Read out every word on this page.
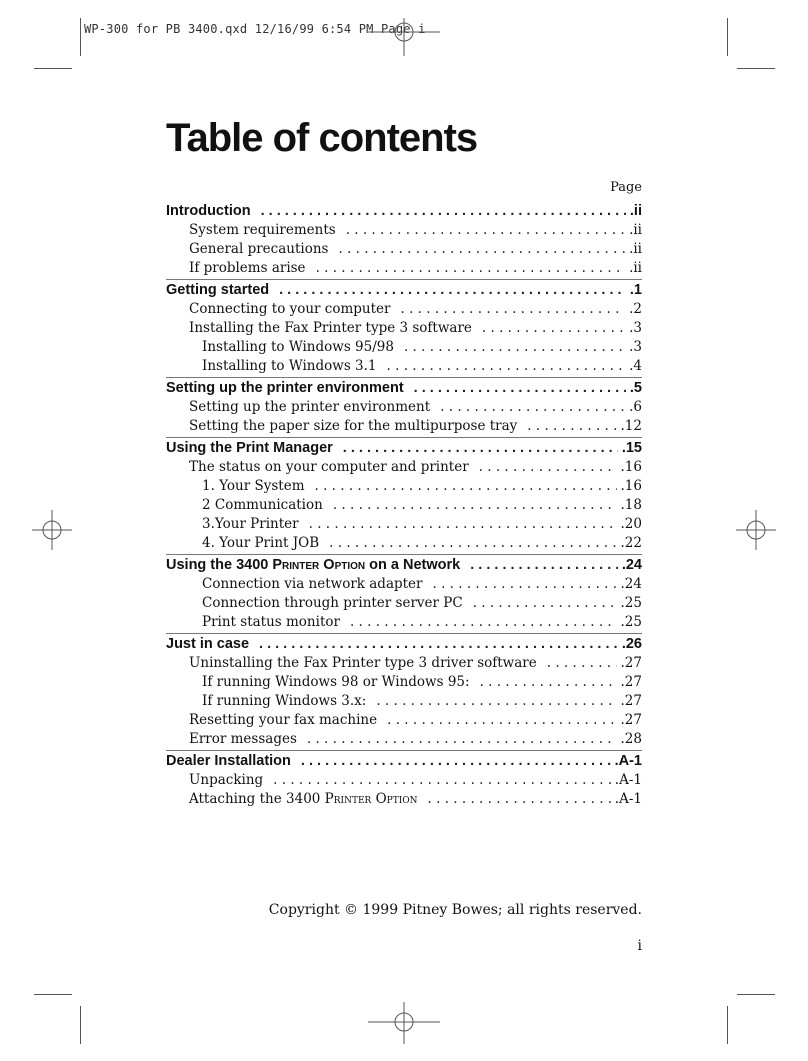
WP-300 for PB 3400.qxd 12/16/99 6:54 PM Page i
Table of contents
Page
Introduction . . .	.ii
System requirements . . .	.ii
General precautions . . .	.ii
If problems arise . . .	.ii
Getting started . . .	.1
Connecting to your computer . . .	.2
Installing the Fax Printer type 3 software . . .	.3
Installing to Windows 95/98 . . .	.3
Installing to Windows 3.1 . . .	.4
Setting up the printer environment . . .	.5
Setting up the printer environment . . .	.6
Setting the paper size for the multipurpose tray . . .	.12
Using the Print Manager . . .	.15
The status on your computer and printer . . .	.16
1. Your System . . .	.16
2 Communication . . .	.18
3.Your Printer . . .	.20
4. Your Print JOB . . .	.22
Using the 3400 Printer Option on a Network . . .	.24
Connection via network adapter . . .	.24
Connection through printer server PC . . .	.25
Print status monitor . . .	.25
Just in case . . .	.26
Uninstalling the Fax Printer type 3 driver software . . .	.27
If running Windows 98 or Windows 95: . . .	.27
If running Windows 3.x: . . .	.27
Resetting your fax machine . . .	.27
Error messages . . .	.28
Dealer Installation . . .	.A-1
Unpacking . . .	.A-1
Attaching the 3400 Printer Option . . .	.A-1
Copyright © 1999 Pitney Bowes; all rights reserved.
i
